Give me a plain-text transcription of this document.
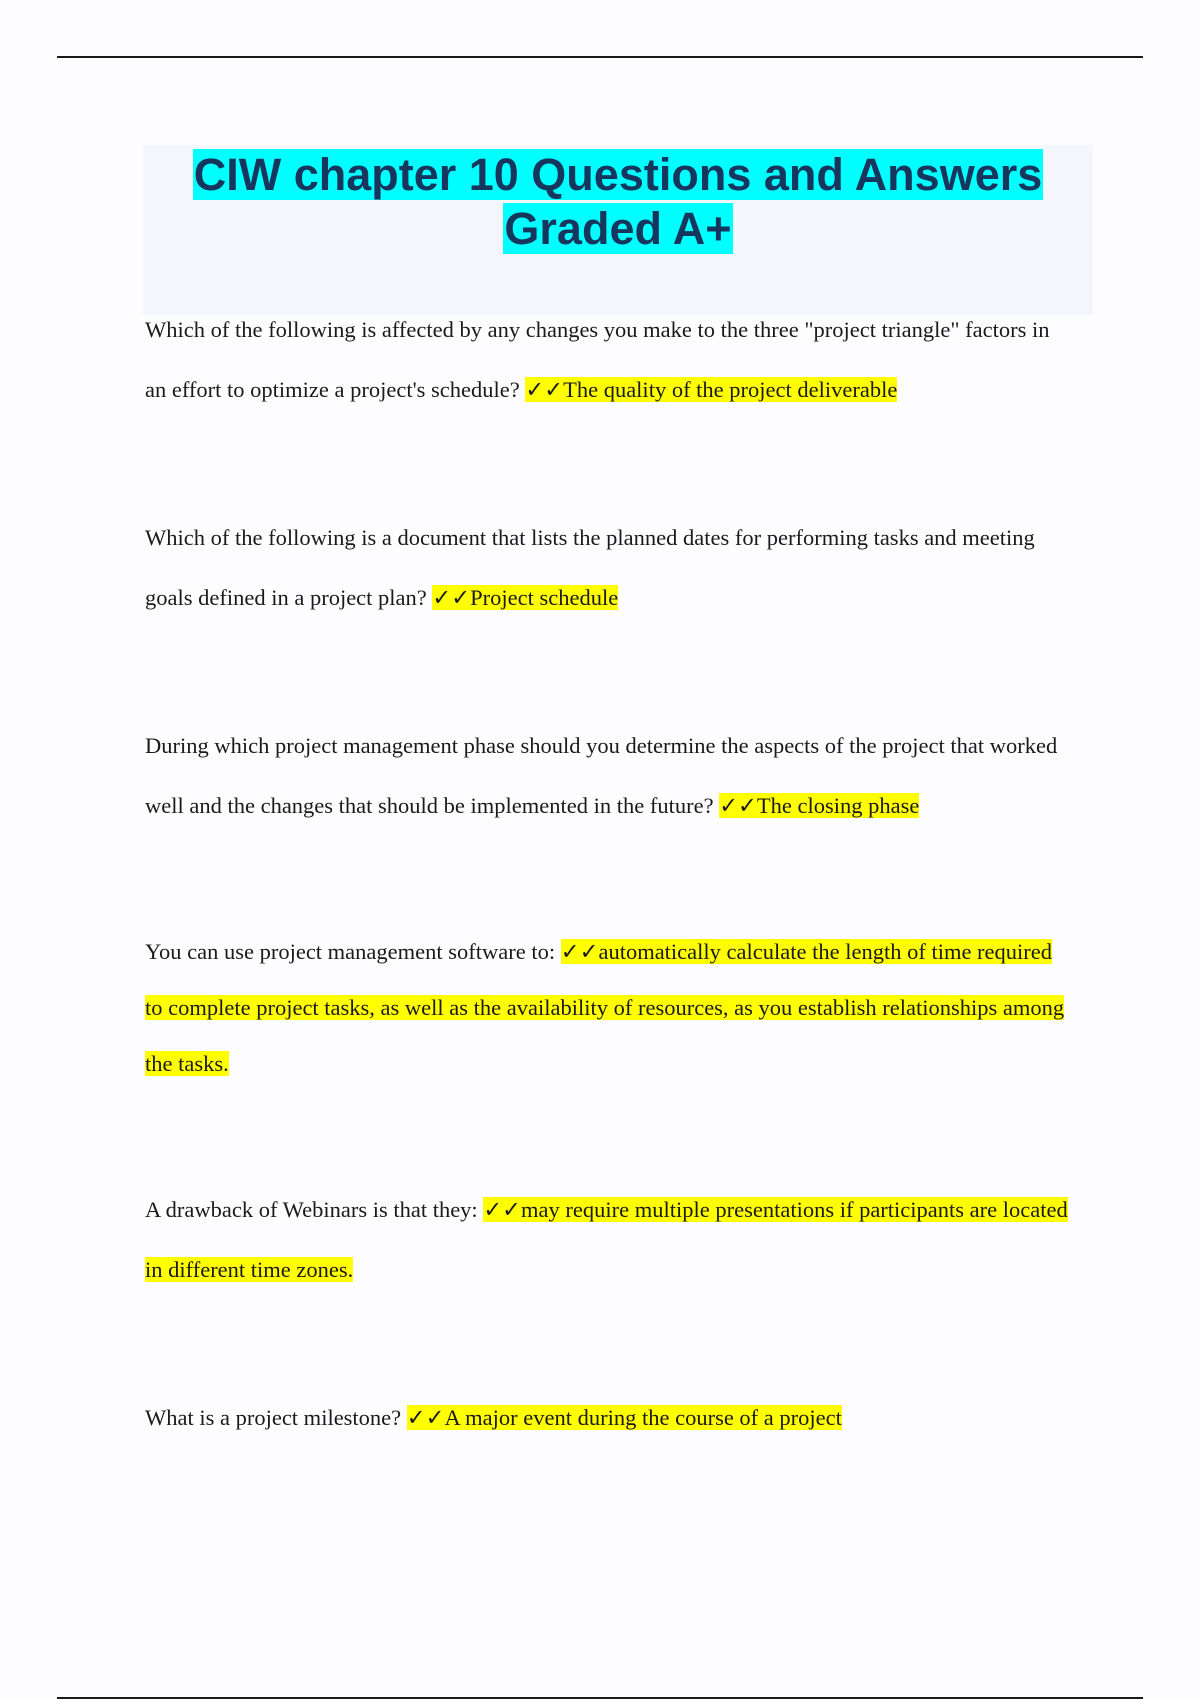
CIW chapter 10 Questions and Answers
Graded A+

Which of the following is affected by any changes you make to the three "project triangle" factors in an effort to optimize a project's schedule? ✓✓The quality of the project deliverable

Which of the following is a document that lists the planned dates for performing tasks and meeting goals defined in a project plan? ✓✓Project schedule

During which project management phase should you determine the aspects of the project that worked well and the changes that should be implemented in the future? ✓✓The closing phase

You can use project management software to: ✓✓automatically calculate the length of time required to complete project tasks, as well as the availability of resources, as you establish relationships among the tasks.

A drawback of Webinars is that they: ✓✓may require multiple presentations if participants are located in different time zones.

What is a project milestone? ✓✓A major event during the course of a project
